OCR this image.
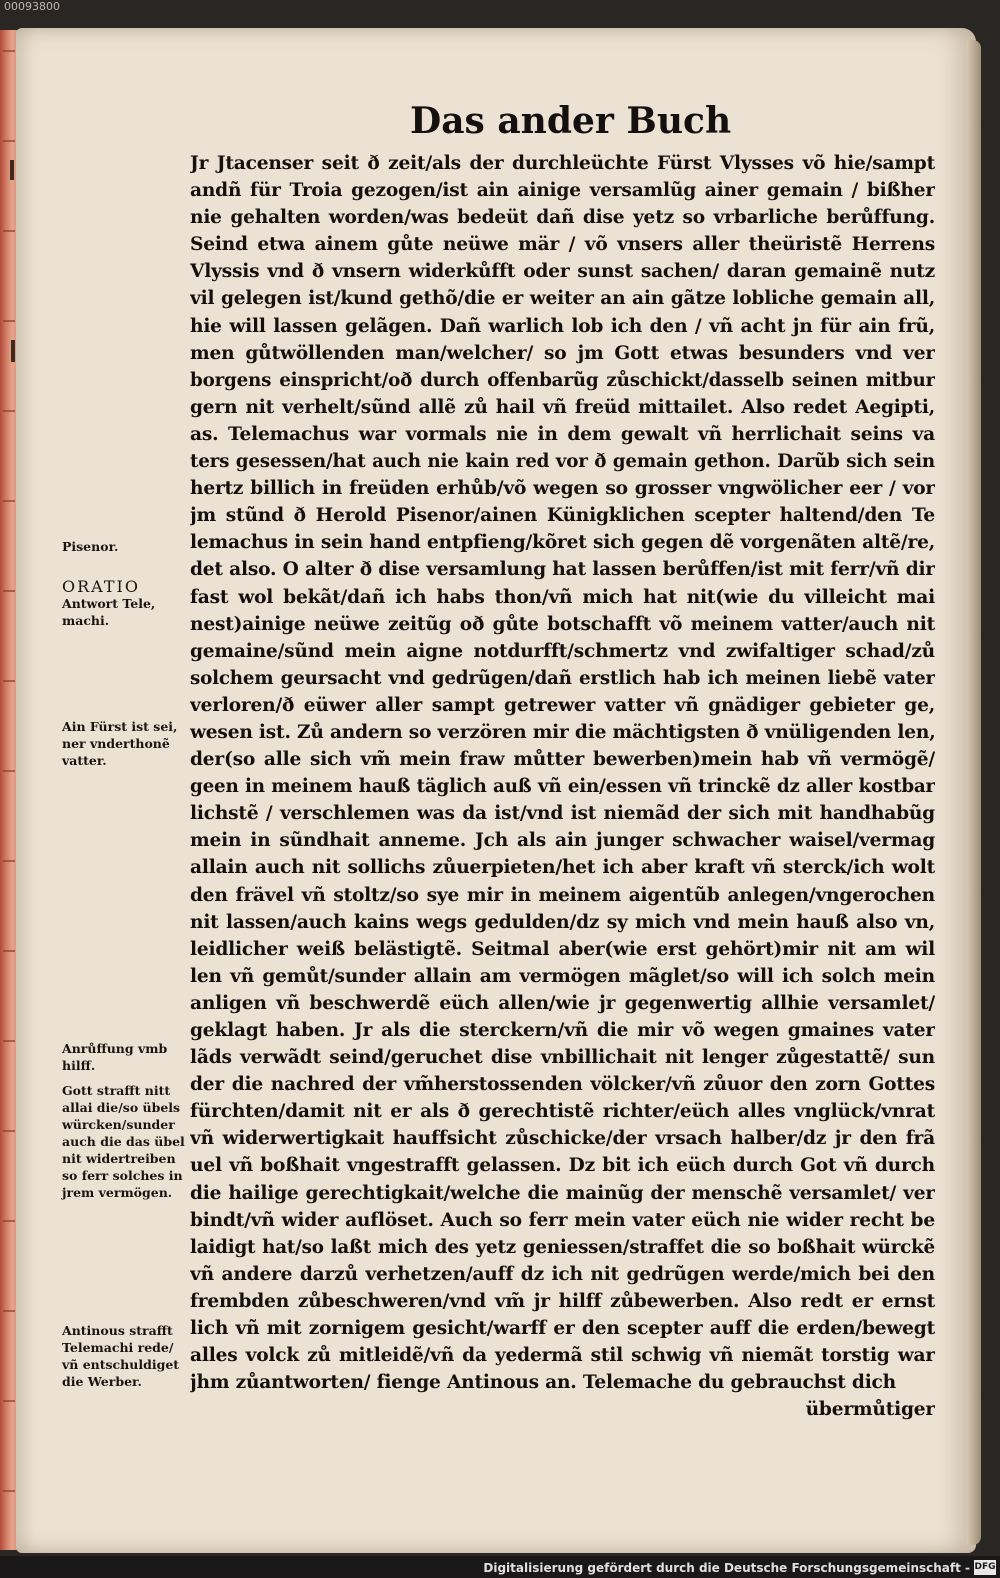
00093800
Das ander Buch
Jr Jtacenser seit ð zeit/als der durchleüchte Fürst Vlysses võ hie/sampt
andñ für Troia gezogen/ist ain ainige versamlũg ainer gemain / bißher
nie gehalten worden/was bedeüt dañ dise yetz so vrbarliche berůffung.
Seind etwa ainem gůte neüwe mär / võ vnsers aller theüristẽ Herrens
Vlyssis vnd ð vnsern widerkůfft oder sunst sachen/ daran gemainẽ nutz
vil gelegen ist/kund gethõ/die er weiter an ain gãtze lobliche gemain all,
hie will lassen gelãgen. Dañ warlich lob ich den / vñ acht jn für ain frũ,
men gůtwöllenden man/welcher/ so jm Gott etwas besunders vnd ver
borgens einspricht/oð durch offenbarũg zůschickt/dasselb seinen mitbur
gern nit verhelt/sũnd allẽ zů hail vñ freüd mittailet. Also redet Aegipti,
as. Telemachus war vormals nie in dem gewalt vñ herrlichait seins va
ters gesessen/hat auch nie kain red vor ð gemain gethon. Darũb sich sein
hertz billich in freüden erhůb/võ wegen so grosser vngwölicher eer / vor
jm stũnd ð Herold Pisenor/ainen Künigklichen scepter haltend/den Te
lemachus in sein hand entpfieng/kõret sich gegen dẽ vorgenãten altẽ/re,
det also. O alter ð dise versamlung hat lassen berůffen/ist mit ferr/vñ dir
fast wol bekãt/dañ ich habs thon/vñ mich hat nit(wie du villeicht mai
nest)ainige neüwe zeitũg oð gůte botschafft võ meinem vatter/auch nit
gemaine/sũnd mein aigne notdurfft/schmertz vnd zwifaltiger schad/zů
solchem geursacht vnd gedrũgen/dañ erstlich hab ich meinen liebẽ vater
verloren/ð eüwer aller sampt getrewer vatter vñ gnädiger gebieter ge,
wesen ist. Zů andern so verzören mir die mächtigsten ð vnüligenden len,
der(so alle sich vm̃ mein fraw můtter bewerben)mein hab vñ vermögẽ/
geen in meinem hauß täglich auß vñ ein/essen vñ trinckẽ dz aller kostbar
lichstẽ / verschlemen was da ist/vnd ist niemãd der sich mit handhabũg
mein in sũndhait anneme. Jch als ain junger schwacher waisel/vermag
allain auch nit sollichs zůuerpieten/het ich aber kraft vñ sterck/ich wolt
den frävel vñ stoltz/so sye mir in meinem aigentũb anlegen/vngerochen
nit lassen/auch kains wegs gedulden/dz sy mich vnd mein hauß also vn,
leidlicher weiß belästigtẽ. Seitmal aber(wie erst gehört)mir nit am wil
len vñ gemůt/sunder allain am vermögen mãglet/so will ich solch mein
anligen vñ beschwerdẽ eüch allen/wie jr gegenwertig allhie versamlet/
geklagt haben. Jr als die sterckern/vñ die mir võ wegen gmaines vater
lãds verwãdt seind/geruchet dise vnbillichait nit lenger zůgestattẽ/ sun
der die nachred der vm̃herstossenden völcker/vñ zůuor den zorn Gottes
fürchten/damit nit er als ð gerechtistẽ richter/eüch alles vnglück/vnrat
vñ widerwertigkait hauffsicht zůschicke/der vrsach halber/dz jr den frã
uel vñ boßhait vngestrafft gelassen. Dz bit ich eüch durch Got vñ durch
die hailige gerechtigkait/welche die mainũg der menschẽ versamlet/ ver
bindt/vñ wider auflöset. Auch so ferr mein vater eüch nie wider recht be
laidigt hat/so laßt mich des yetz geniessen/straffet die so boßhait würckẽ
vñ andere darzů verhetzen/auff dz ich nit gedrũgen werde/mich bei den
frembden zůbeschweren/vnd vm̃ jr hilff zůbewerben. Also redt er ernst
lich vñ mit zornigem gesicht/warff er den scepter auff die erden/bewegt
alles volck zů mitleidẽ/vñ da yedermã stil schwig vñ niemãt torstig war
jhm zůantworten/ fienge Antinous an. Telemache du gebrauchst dich
übermůtiger
Pisenor.
ORATIO
Antwort Tele,
machi.
Ain Fürst ist sei,
ner vnderthonẽ
vatter.
Anrůffung vmb
hilff.
Gott strafft nitt
allai die/so übels
würcken/sunder
auch die das übel
nit widertreiben
so ferr solches in
jrem vermögen.
Antinous strafft
Telemachi rede/
vñ entschuldiget
die Werber.
Digitalisierung gefördert durch die Deutsche Forschungsgemeinschaft - DFG
